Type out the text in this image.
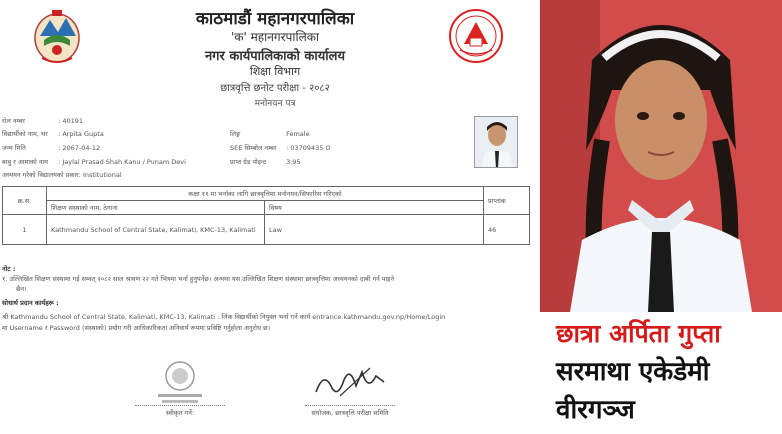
काठमाडौं महानगरपालिका
'क' महानगरपालिका
नगर कार्यपालिकाको कार्यालय
शिक्षा विभाग
छात्रवृत्ति छनोट परीक्षा - २०८२
मनोनयन पत्र
रोल नम्बर	: 40191
विद्यार्थीको नाम, थर : Arpita Gupta	लिङ्ग	Female
जन्म मिति	: 2067-04-12	SEE सिम्बोल नम्बर : 03709435 O
बाबु र आमाको नाम : Jaylal Prasad Shah Kanu / Punam Devi	प्राप्त ग्रेड पोइन्ट	3.95
अध्ययन गरेको विद्यालयको प्रकार: Institutional
क्र.स.	कक्षा ११ मा भर्नाका लागि छात्रवृत्तिमा मनोनयन/सिफारिस गरिएको		प्राप्तांक
	शिक्षण संस्थाको नाम, ठेगाना	विषय	
1	Kathmandu School of Central State, Kalimati, KMC-13, Kalimati	Law	46
नोट :
१. उल्लिखित शिक्षण संस्थामा गई सम्वत् २०८२ साल श्रावण २२ गते भित्रमा भर्ना हुनुपर्नेछ। अन्यथा यस उल्लिखित शिक्षण संस्थामा छात्रवृत्तिमा अध्ययनको दाबी गर्न पाइने
छैन।
सोधार्थ प्रदान कार्यहरू :
श्री Kathmandu School of Central State, Kalimati, KMC-13, Kalimati : लिंक विद्यार्थीको नियुक्त भर्ना गर्ने कार्य entrance.kathmandu.gov.np/Home/Login
मा Username र Password (संस्थाको) प्रयोग गरी आधिकारिकता अनिवार्य रूपमा प्रविष्टि गर्नुहोला अनुरोध छ।
स्वीकृत गर्ने:	संयोजक, छात्रवृत्ति परीक्षा समिति
छात्रा अर्पिता गुप्ता
सरमाथा एकेडेमी
वीरगञ्ज
